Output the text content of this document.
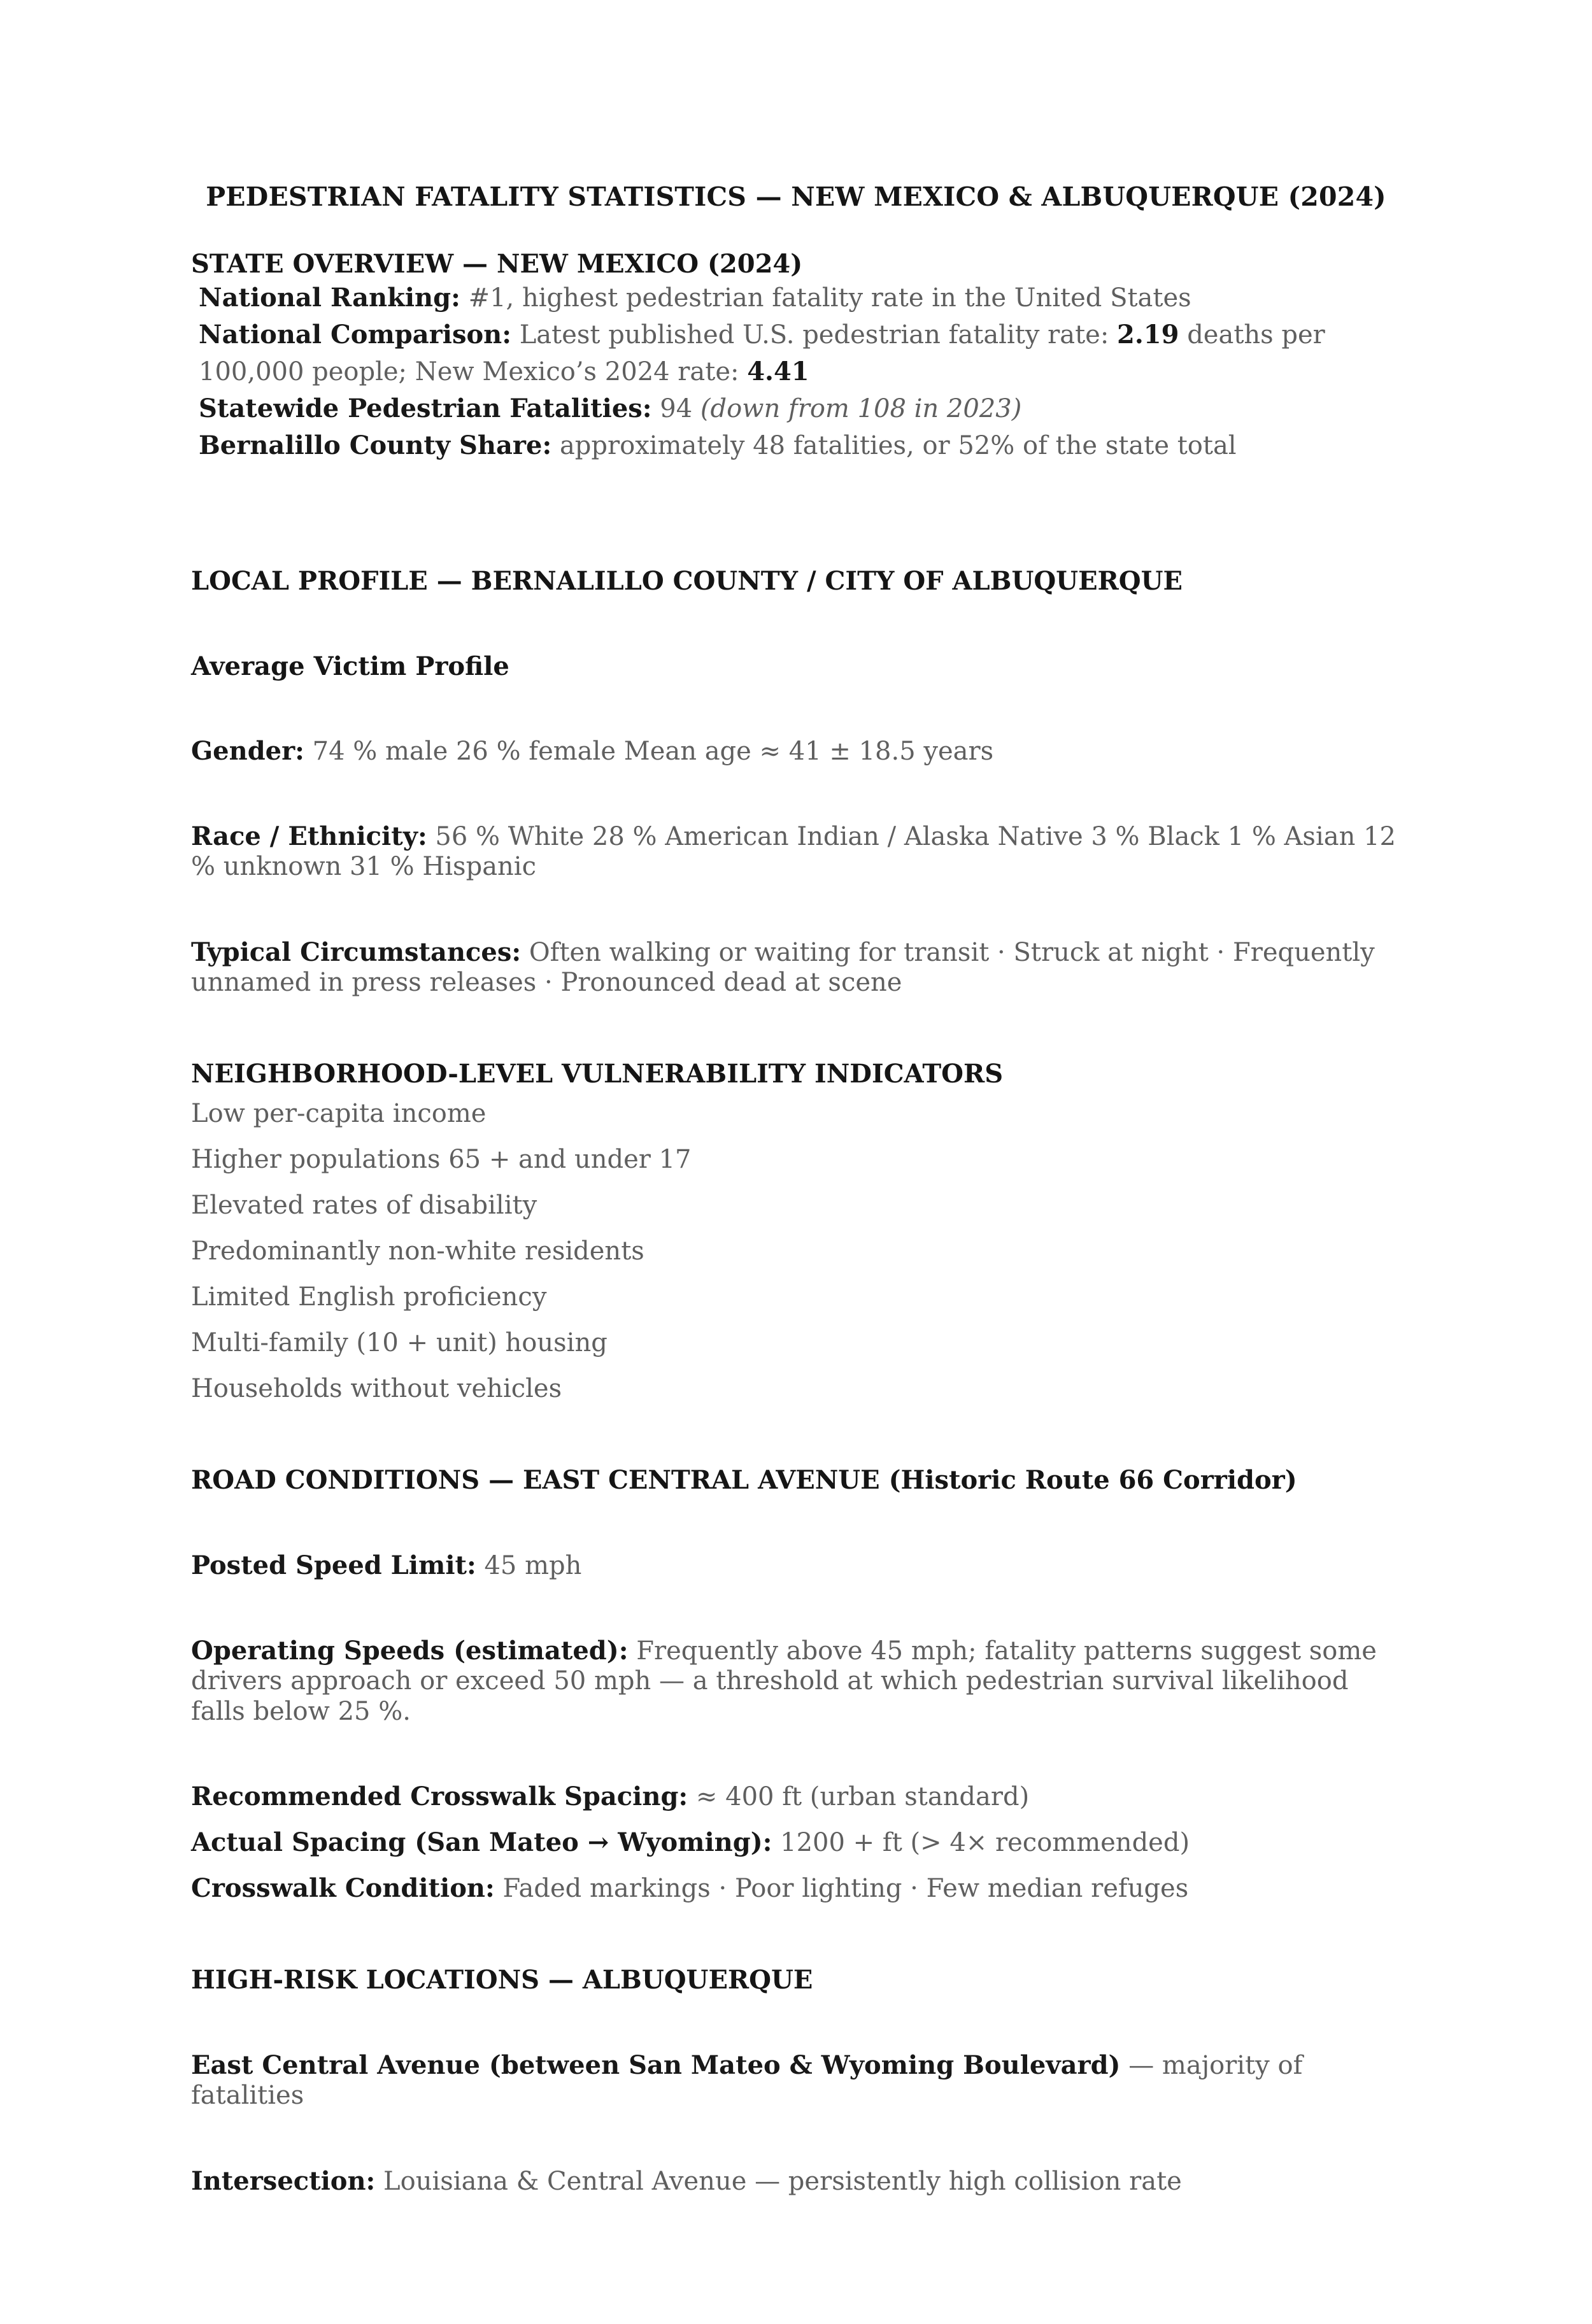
PEDESTRIAN FATALITY STATISTICS — NEW MEXICO & ALBUQUERQUE (2024)
STATE OVERVIEW — NEW MEXICO (2024)
National Ranking: #1, highest pedestrian fatality rate in the United States
National Comparison: Latest published U.S. pedestrian fatality rate: 2.19 deaths per 100,000 people; New Mexico’s 2024 rate: 4.41
Statewide Pedestrian Fatalities: 94 (down from 108 in 2023)
Bernalillo County Share: approximately 48 fatalities, or 52% of the state total
LOCAL PROFILE — BERNALILLO COUNTY / CITY OF ALBUQUERQUE
Average Victim Profile

Gender: 74 % male 26 % female Mean age ≈ 41 ± 18.5 years

Race / Ethnicity: 56 % White 28 % American Indian / Alaska Native 3 % Black 1 % Asian 12 % unknown 31 % Hispanic

Typical Circumstances: Often walking or waiting for transit · Struck at night · Frequently unnamed in press releases · Pronounced dead at scene

NEIGHBORHOOD-LEVEL VULNERABILITY INDICATORS

Low per-capita income

Higher populations 65 + and under 17

Elevated rates of disability

Predominantly non-white residents

Limited English proficiency

Multi-family (10 + unit) housing

Households without vehicles

ROAD CONDITIONS — EAST CENTRAL AVENUE (Historic Route 66 Corridor)

Posted Speed Limit: 45 mph

Operating Speeds (estimated): Frequently above 45 mph; fatality patterns suggest some drivers approach or exceed 50 mph — a threshold at which pedestrian survival likelihood falls below 25 %.

Recommended Crosswalk Spacing: ≈ 400 ft (urban standard)

Actual Spacing (San Mateo → Wyoming): 1200 + ft (> 4× recommended)

Crosswalk Condition: Faded markings · Poor lighting · Few median refuges

HIGH-RISK LOCATIONS — ALBUQUERQUE

East Central Avenue (between San Mateo & Wyoming Boulevard) — majority of fatalities

Intersection: Louisiana & Central Avenue — persistently high collision rate
